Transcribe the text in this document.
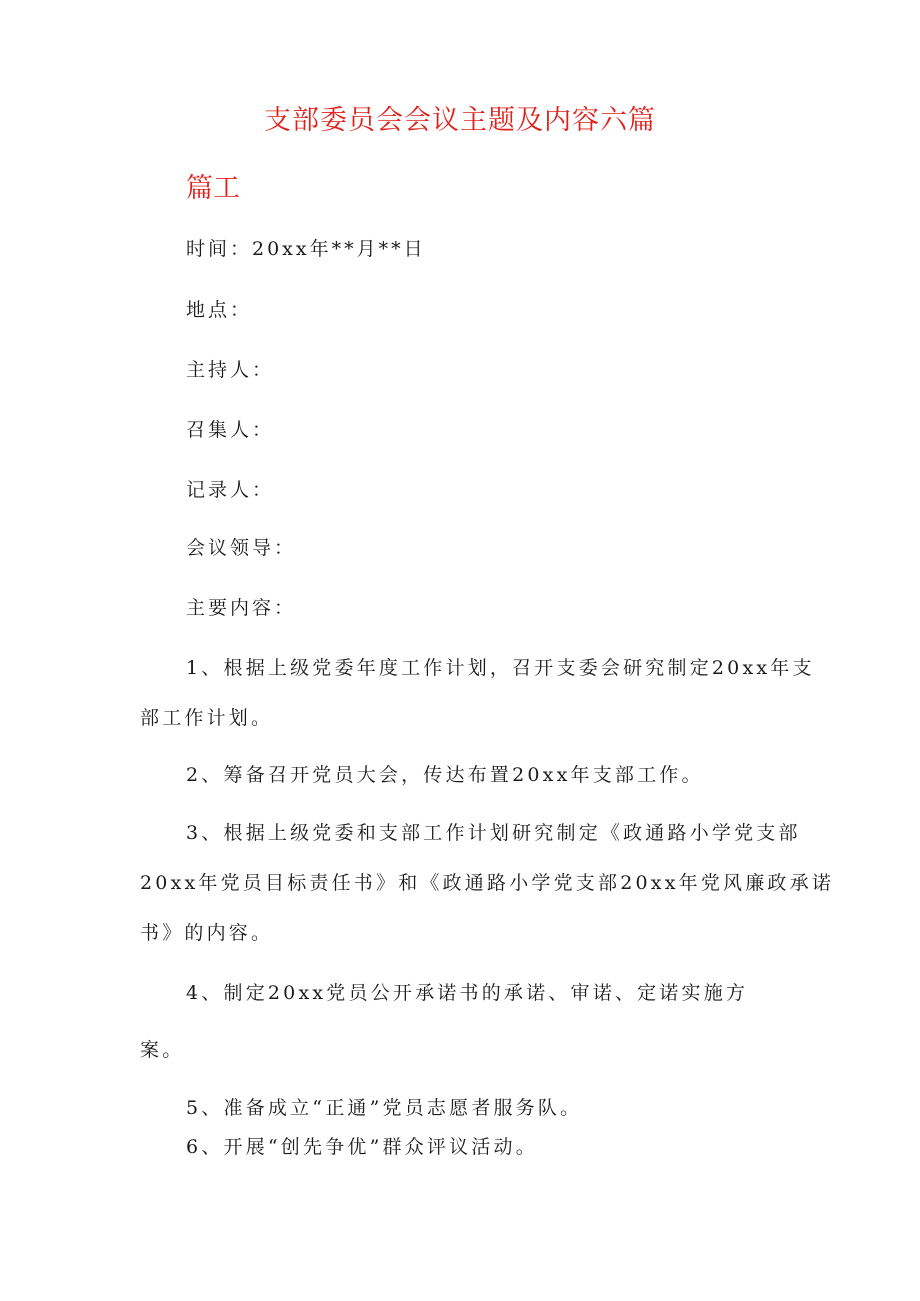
支部委员会会议主题及内容六篇
篇工
时间：20xx年**月**日
地点：
主持人：
召集人：
记录人：
会议领导：
主要内容：
1、根据上级党委年度工作计划，召开支委会研究制定20xx年支
部工作计划。
2、筹备召开党员大会，传达布置20xx年支部工作。
3、根据上级党委和支部工作计划研究制定《政通路小学党支部
20xx年党员目标责任书》和《政通路小学党支部20xx年党风廉政承诺
书》的内容。
4、制定20xx党员公开承诺书的承诺、审诺、定诺实施方
案。
5、准备成立“正通”党员志愿者服务队。
6、开展“创先争优”群众评议活动。
